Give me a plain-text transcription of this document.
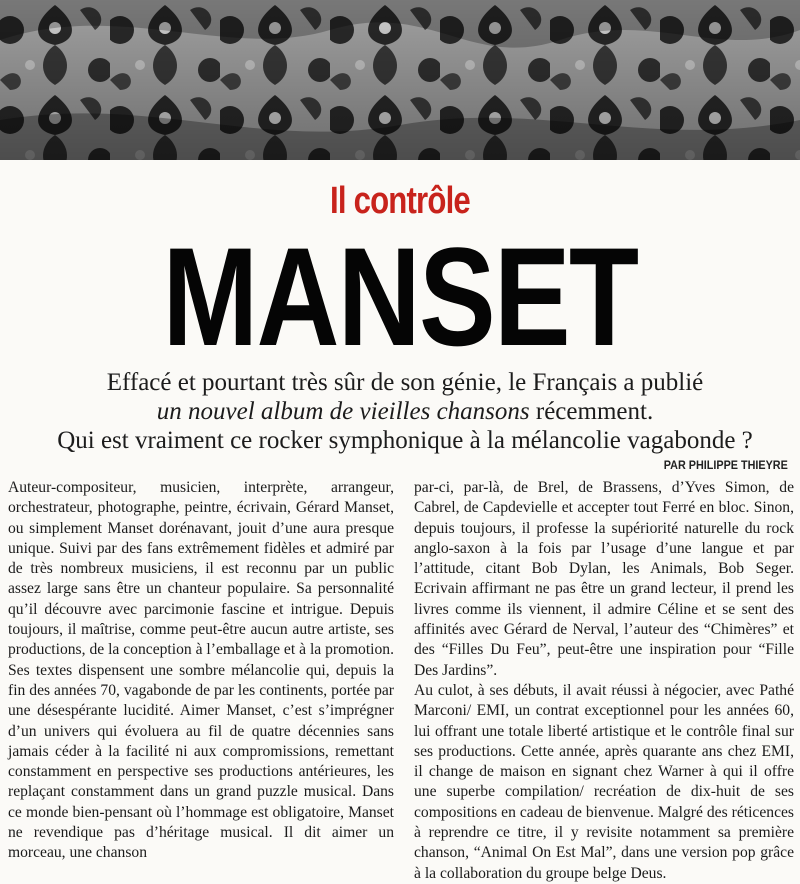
Il contrôle
MANSET
Effacé et pourtant très sûr de son génie, le Français a publié
un nouvel album de vieilles chansons récemment.
Qui est vraiment ce rocker symphonique à la mélancolie vagabonde ?
PAR PHILIPPE THIEYRE

Auteur-compositeur, musicien, interprète, arrangeur, orchestrateur, photographe, peintre, écrivain, Gérard Manset, ou simplement Manset dorénavant, jouit d’une aura presque unique. Suivi par des fans extrêmement fidèles et admiré par de très nombreux musiciens, il est reconnu par un public assez large sans être un chanteur populaire. Sa personnalité qu’il découvre avec parcimonie fascine et intrigue. Depuis toujours, il maîtrise, comme peut-être aucun autre artiste, ses productions, de la conception à l’emballage et à la promotion. Ses textes dispensent une sombre mélancolie qui, depuis la fin des années 70, vagabonde de par les continents, portée par une désespérante lucidité. Aimer Manset, c’est s’imprégner d’un univers qui évoluera au fil de quatre décennies sans jamais céder à la facilité ni aux compromissions, remettant constamment en perspective ses productions antérieures, les replaçant constamment dans un grand puzzle musical. Dans ce monde bien-pensant où l’hommage est obligatoire, Manset ne revendique pas d’héritage musical. Il dit aimer un morceau, une chanson

par-ci, par-là, de Brel, de Brassens, d’Yves Simon, de Cabrel, de Capdevielle et accepter tout Ferré en bloc. Sinon, depuis toujours, il professe la supériorité naturelle du rock anglo-saxon à la fois par l’usage d’une langue et par l’attitude, citant Bob Dylan, les Animals, Bob Seger. Ecrivain affirmant ne pas être un grand lecteur, il prend les livres comme ils viennent, il admire Céline et se sent des affinités avec Gérard de Nerval, l’auteur des “Chimères” et des “Filles Du Feu”, peut-être une inspiration pour “Fille Des Jardins”.

Au culot, à ses débuts, il avait réussi à négocier, avec Pathé Marconi/ EMI, un contrat exceptionnel pour les années 60, lui offrant une totale liberté artistique et le contrôle final sur ses productions. Cette année, après quarante ans chez EMI, il change de maison en signant chez Warner à qui il offre une superbe compilation/ recréation de dix-huit de ses compositions en cadeau de bienvenue. Malgré des réticences à reprendre ce titre, il y revisite notamment sa première chanson, “Animal On Est Mal”, dans une version pop grâce à la collaboration du groupe belge Deus.
